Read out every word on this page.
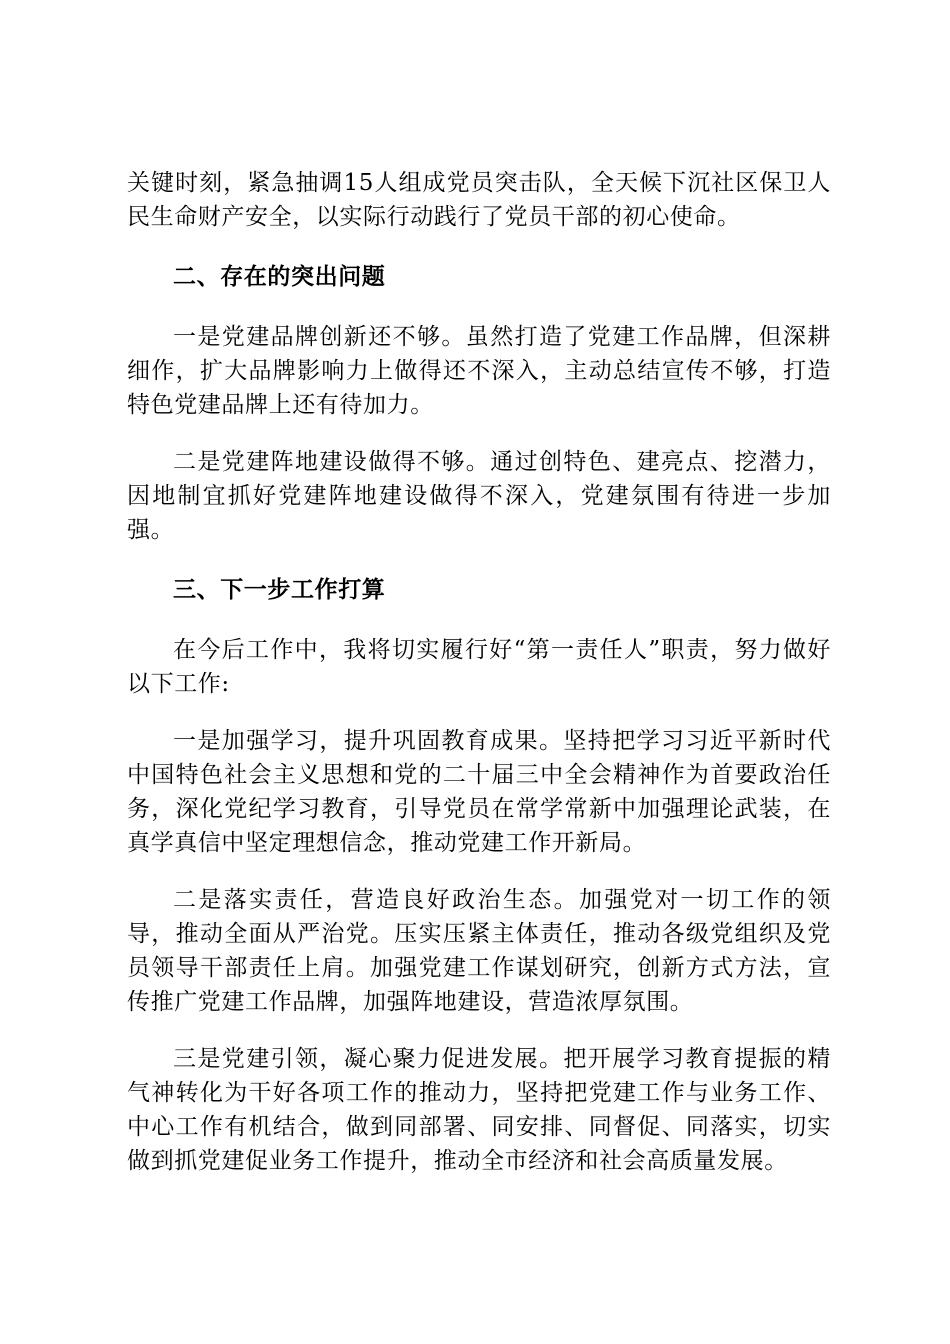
关键时刻，紧急抽调15人组成党员突击队，全天候下沉社区保卫人民生命财产安全，以实际行动践行了党员干部的初心使命。

二、存在的突出问题

一是党建品牌创新还不够。虽然打造了党建工作品牌，但深耕细作，扩大品牌影响力上做得还不深入，主动总结宣传不够，打造特色党建品牌上还有待加力。

二是党建阵地建设做得不够。通过创特色、建亮点、挖潜力，因地制宜抓好党建阵地建设做得不深入，党建氛围有待进一步加强。

三、下一步工作打算

在今后工作中，我将切实履行好“第一责任人”职责，努力做好以下工作:

一是加强学习，提升巩固教育成果。坚持把学习习近平新时代中国特色社会主义思想和党的二十届三中全会精神作为首要政治任务，深化党纪学习教育，引导党员在常学常新中加强理论武装，在真学真信中坚定理想信念，推动党建工作开新局。

二是落实责任，营造良好政治生态。加强党对一切工作的领导，推动全面从严治党。压实压紧主体责任，推动各级党组织及党员领导干部责任上肩。加强党建工作谋划研究，创新方式方法，宣传推广党建工作品牌，加强阵地建设，营造浓厚氛围。

三是党建引领，凝心聚力促进发展。把开展学习教育提振的精气神转化为干好各项工作的推动力，坚持把党建工作与业务工作、中心工作有机结合，做到同部署、同安排、同督促、同落实，切实做到抓党建促业务工作提升，推动全市经济和社会高质量发展。
